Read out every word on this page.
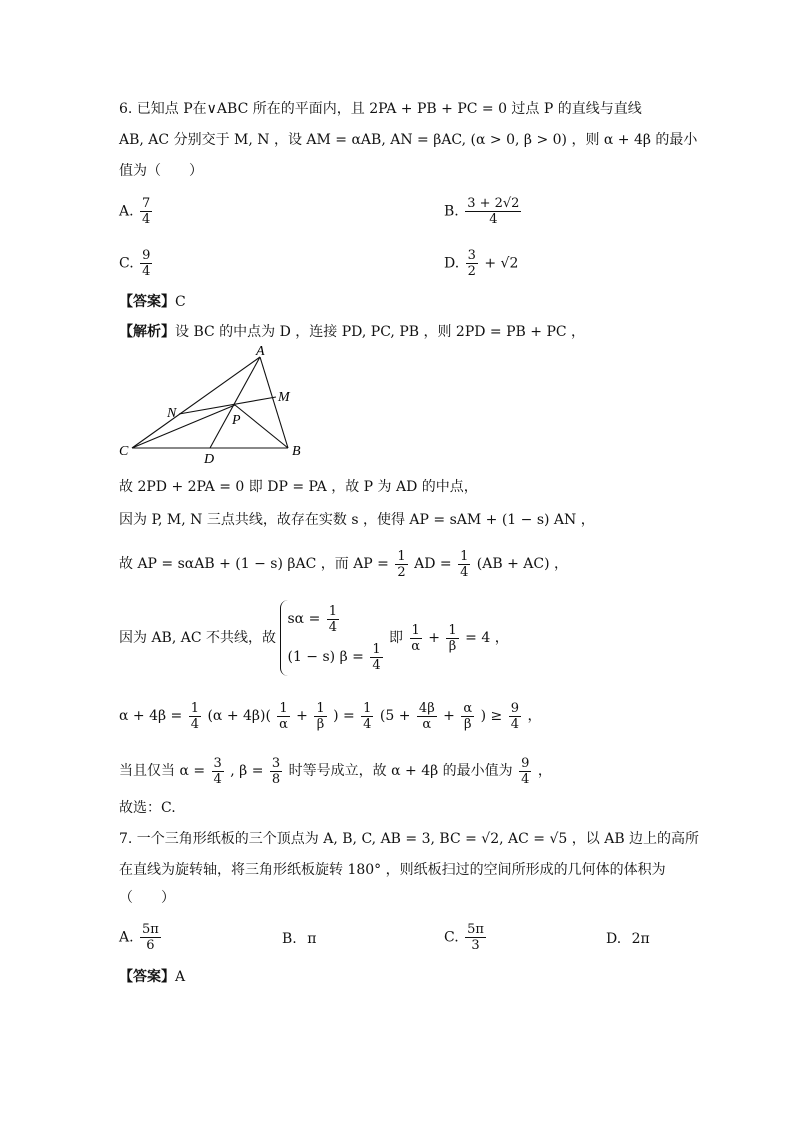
6. 已知点 P在∨ABC 所在的平面内，且 2PA + PB + PC = 0 过点 P 的直线与直线
AB, AC 分别交于 M, N ，设 AM = αAB, AN = βAC, (α > 0, β > 0) ，则 α + 4β 的最小
值为（　　）
A. $\frac{7}{4}$	B. $\frac{3 + 2√2}{4}$
C. $\frac{9}{4}$	D. $\frac{3}{2} + √2$
【答案】C
【解析】设 BC 的中点为 D ，连接 PD, PC, PB ，则 2PD = PB + PC ，
A
M
N	P
C
D
B
故 2PD + 2PA = 0 即 DP = PA ，故 P 为 AD 的中点，
因为 P, M, N 三点共线，故存在实数 s ，使得 AP = sAM + (1 − s) AN ，
故 AP = sαAB + (1 − s) βAC ，而 AP = $\frac{1}{2}$ AD = $\frac{1}{4} (AB + AC)$ ，
因为 AB, AC 不共线，故
$s\alpha = \frac{1}{4}$
(1 − s) $\beta = \frac{1}{4}$
即 $\frac{1}{\alpha} + \frac{1}{\beta} = 4$ ，
$\alpha + 4\beta = \frac{1}{4} (\alpha + 4\beta)( \frac{1}{\alpha} + \frac{1}{\beta}$ ) = $\frac{1}{4} (5 + \frac{4\beta}{\alpha} + \frac{\alpha}{\beta}$ ) ≥ $\frac{9}{4}$ ，
当且仅当 $\alpha = \frac{3}{4}$ , $\beta = \frac{3}{8}$ 时等号成立，故 α + 4β 的最小值为 $\frac{9}{4}$ ，
故选：C.
7. 一个三角形纸板的三个顶点为 A, B, C, AB = 3, BC = √2, AC = √5 ，以 AB 边上的高所
在直线为旋转轴，将三角形纸板旋转 180° ，则纸板扫过的空间所形成的几何体的体积为
（　　）
A. $\frac{5\pi}{6}$	B. π	C. $\frac{5\pi}{3}$	D. 2π
【答案】A
